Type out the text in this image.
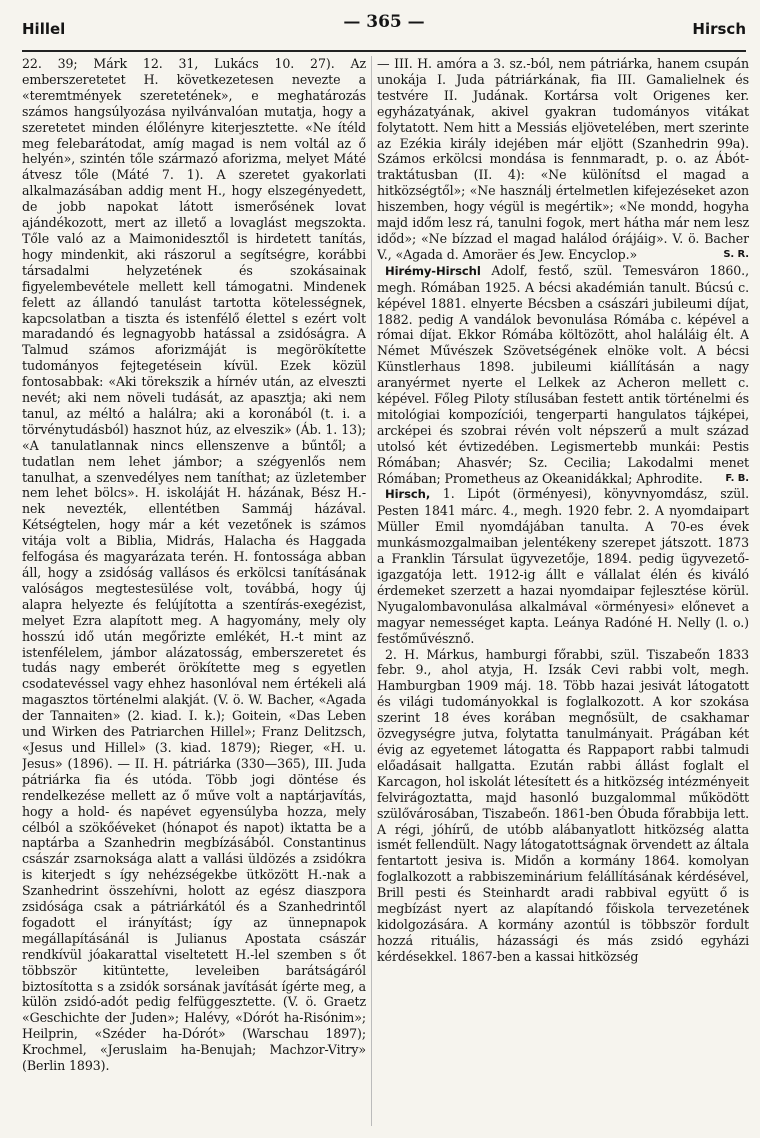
Hillel	— 365 —	Hirsch

22. 39; Márk 12. 31, Lukács 10. 27). Az emberszeretetet H. következetesen nevezte a «teremtmények szeretetének», e meghatározás számos hangsúlyozása nyilvánvalóan mutatja, hogy a szeretetet minden élőlényre kiterjesztette. «Ne ítéld meg felebarátodat, amíg magad is nem voltál az ő helyén», szintén tőle származó aforizma, melyet Máté átvesz tőle (Máté 7. 1). A szeretet gyakorlati alkalmazásában addig ment H., hogy elszegényedett, de jobb napokat látott ismerősének lovat ajándékozott, mert az illető a lovaglást megszokta. Tőle való az a Maimonidesztől is hirdetett tanítás, hogy mindenkit, aki rászorul a segítségre, korábbi társadalmi helyzetének és szokásainak figyelembevétele mellett kell támogatni. Mindenek felett az állandó tanulást tartotta kötelességnek, kapcsolatban a tiszta és istenfélő élettel s ezért volt maradandó és legnagyobb hatással a zsidóságra. A Talmud számos aforizmáját is megörökítette tudományos fejtegetésein kívül. Ezek közül fontosabbak: «Aki törekszik a hírnév után, az elveszti nevét; aki nem növeli tudását, az apasztja; aki nem tanul, az méltó a halálra; aki a koronából (t. i. a törvénytudásból) hasznot húz, az elveszik» (Áb. 1. 13); «A tanulatlannak nincs ellenszenve a bűntől; a tudatlan nem lehet jámbor; a szégyenlős nem tanulhat, a szenvedélyes nem taníthat; az üzletember nem lehet bölcs». H. iskoláját H. házának, Bész H.-nek nevezték, ellentétben Sammáj házával. Kétségtelen, hogy már a két vezetőnek is számos vitája volt a Biblia, Midrás, Halacha és Haggada felfogása és magyarázata terén. H. fontossága abban áll, hogy a zsidóság vallásos és erkölcsi tanításának valóságos megtestesülése volt, továbbá, hogy új alapra helyezte és felújította a szentírás-exegézist, melyet Ezra alapított meg. A hagyomány, mely oly hosszú idő után megőrizte emlékét, H.-t mint az istenfélelem, jámbor alázatosság, emberszeretet és tudás nagy emberét örökítette meg s egyetlen csodatevéssel vagy ehhez hasonlóval nem értékeli alá magasztos történelmi alakját. (V. ö. W. Bacher, «Agada der Tannaiten» (2. kiad. I. k.); Goitein, «Das Leben und Wirken des Patriarchen Hillel»; Franz Delitzsch, «Jesus und Hillel» (3. kiad. 1879); Rieger, «H. u. Jesus» (1896). — II. H. pátriárka (330—365), III. Juda pátriárka fia és utóda. Több jogi döntése és rendelkezése mellett az ő műve volt a naptárjavítás, hogy a hold- és napévet egyensúlyba hozza, mely célból a szökőéveket (hónapot és napot) iktatta be a naptárba a Szanhedrin megbízásából. Constantinus császár zsarnoksága alatt a vallási üldözés a zsidókra is kiterjedt s így nehézségekbe ütközött H.-nak a Szanhedrint összehívni, holott az egész diaszpora zsidósága csak a pátriárkától és a Szanhedrintől fogadott el irányítást; így az ünnepnapok megállapításánál is Julianus Apostata császár rendkívül jóakarattal viseltetett H.-lel szemben s őt többször kitüntette, leveleiben barátságáról biztosította s a zsidók sorsának javítását ígérte meg, a külön zsidó-adót pedig felfüggesztette. (V. ö. Graetz «Geschichte der Juden»; Halévy, «Dórót ha-Risónim»; Heilprin, «Széder ha-Dórót» (Warschau 1897); Krochmel, «Jeruslaim ha-Benujah; Machzor-Vitry» (Berlin 1893).

— III. H. amóra a 3. sz.-ból, nem pátriárka, hanem csupán unokája I. Juda pátriárkának, fia III. Gamalielnek és testvére II. Judának. Kortársa volt Origenes ker. egyházatyának, akivel gyakran tudományos vitákat folytatott. Nem hitt a Messiás eljövetelében, mert szerinte az Ezékia király idejében már eljött (Szanhedrin 99a). Számos erkölcsi mondása is fennmaradt, p. o. az Ábót-traktátusban (II. 4): «Ne különítsd el magad a hitközségtől»; «Ne használj értelmetlen kifejezéseket azon hiszemben, hogy végül is megértik»; «Ne mondd, hogyha majd időm lesz rá, tanulni fogok, mert hátha már nem lesz időd»; «Ne bízzad el magad halálod órájáig». V. ö. Bacher V., «Agada d. Amoräer és Jew. Encyclop.»	S. R.

Hirémy-Hirschl Adolf, festő, szül. Temesváron 1860., megh. Rómában 1925. A bécsi akadémián tanult. Búcsú c. képével 1881. elnyerte Bécsben a császári jubileumi díjat, 1882. pedig A vandálok bevonulása Rómába c. képével a római díjat. Ekkor Rómába költözött, ahol haláláig élt. A Német Művészek Szövetségének elnöke volt. A bécsi Künstlerhaus 1898. jubileumi kiállításán a nagy aranyérmet nyerte el Lelkek az Acheron mellett c. képével. Főleg Piloty stílusában festett antik történelmi és mitológiai kompozíciói, tengerparti hangulatos tájképei, arcképei és szobrai révén volt népszerű a mult század utolsó két évtizedében. Legismertebb munkái: Pestis Rómában; Ahasvér; Sz. Cecilia; Lakodalmi menet Rómában; Prometheus az Okeanidákkal; Aphrodite.	F. B.

Hirsch, 1. Lipót (örményesi), könyvnyomdász, szül. Pesten 1841 márc. 4., megh. 1920 febr. 2. A nyomdaipart Müller Emil nyomdájában tanulta. A 70-es évek munkásmozgalmaiban jelentékeny szerepet játszott. 1873 a Franklin Társulat ügyvezetője, 1894. pedig ügyvezető-igazgatója lett. 1912-ig állt e vállalat élén és kiváló érdemeket szerzett a hazai nyomdaipar fejlesztése körül. Nyugalombavonulása alkalmával «örményesi» előnevet a magyar nemességet kapta. Leánya Radóné H. Nelly (l. o.) festőművésznő.

2. H. Márkus, hamburgi főrabbi, szül. Tiszabeőn 1833 febr. 9., ahol atyja, H. Izsák Cevi rabbi volt, megh. Hamburgban 1909 máj. 18. Több hazai jesivát látogatott és világi tudományokkal is foglalkozott. A kor szokása szerint 18 éves korában megnősült, de csakhamar özvegységre jutva, folytatta tanulmányait. Prágában két évig az egyetemet látogatta és Rappaport rabbi talmudi előadásait hallgatta. Ezután rabbi állást foglalt el Karcagon, hol iskolát létesített és a hitközség intézményeit felvirágoztatta, majd hasonló buzgalommal működött szülővárosában, Tiszabeőn. 1861-ben Óbuda főrabbija lett. A régi, jóhírű, de utóbb alábanyatlott hitközség alatta ismét fellendült. Nagy látogatottságnak örvendett az általa fentartott jesiva is. Midőn a kormány 1864. komolyan foglalkozott a rabbiszeminárium felállításának kérdésével, Brill pesti és Steinhardt aradi rabbival együtt ő is megbízást nyert az alapítandó főiskola tervezetének kidolgozására. A kormány azontúl is többször fordult hozzá rituális, házassági és más zsidó egyházi kérdésekkel. 1867-ben a kassai hitközség
